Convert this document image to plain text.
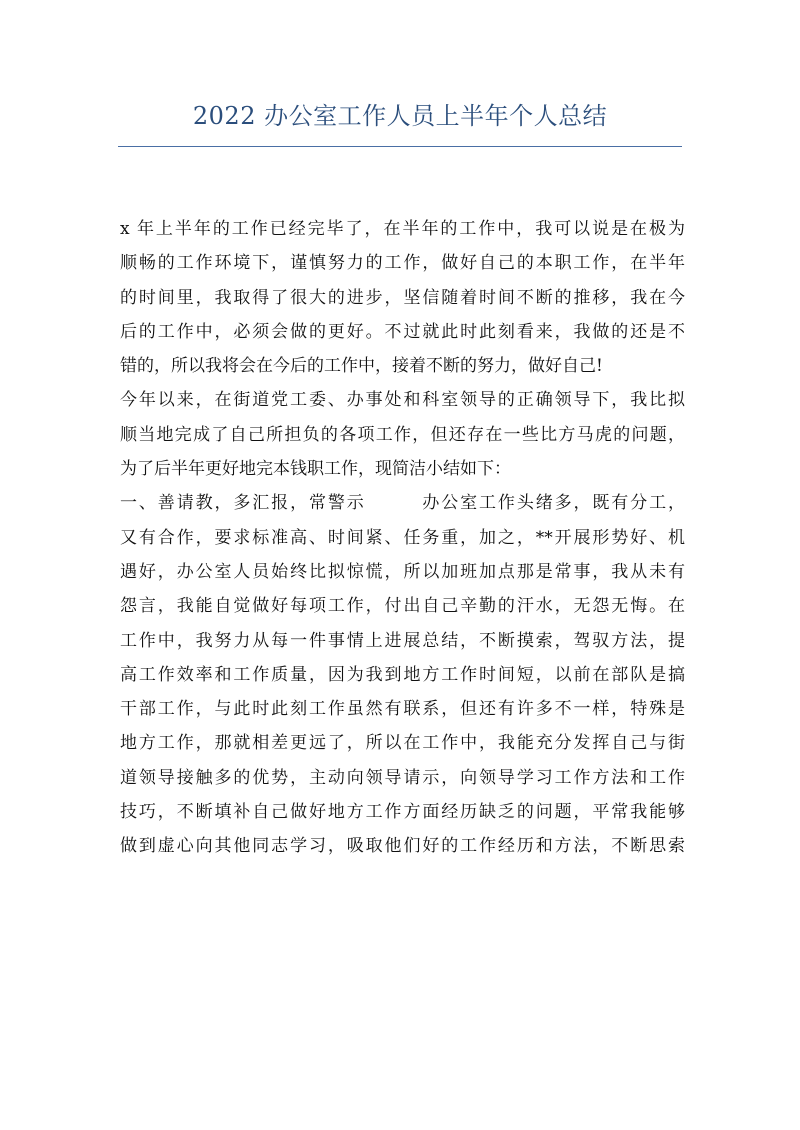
2022 办公室工作人员上半年个人总结
x 年上半年的工作已经完毕了，在半年的工作中，我可以说是在极为
顺畅的工作环境下，谨慎努力的工作，做好自己的本职工作，在半年
的时间里，我取得了很大的进步，坚信随着时间不断的推移，我在今
后的工作中，必须会做的更好。不过就此时此刻看来，我做的还是不
错的，所以我将会在今后的工作中，接着不断的努力，做好自己!
今年以来，在街道党工委、办事处和科室领导的正确领导下，我比拟
顺当地完成了自己所担负的各项工作，但还存在一些比方马虎的问题，
为了后半年更好地完本钱职工作，现简洁小结如下：
一、善请教，多汇报，常警示　　　办公室工作头绪多，既有分工，
又有合作，要求标准高、时间紧、任务重，加之，**开展形势好、机
遇好，办公室人员始终比拟惊慌，所以加班加点那是常事，我从未有
怨言，我能自觉做好每项工作，付出自己辛勤的汗水，无怨无悔。在
工作中，我努力从每一件事情上进展总结，不断摸索，驾驭方法，提
高工作效率和工作质量，因为我到地方工作时间短，以前在部队是搞
干部工作，与此时此刻工作虽然有联系，但还有许多不一样，特殊是
地方工作，那就相差更远了，所以在工作中，我能充分发挥自己与街
道领导接触多的优势，主动向领导请示，向领导学习工作方法和工作
技巧，不断填补自己做好地方工作方面经历缺乏的问题，平常我能够
做到虚心向其他同志学习，吸取他们好的工作经历和方法，不断思索
